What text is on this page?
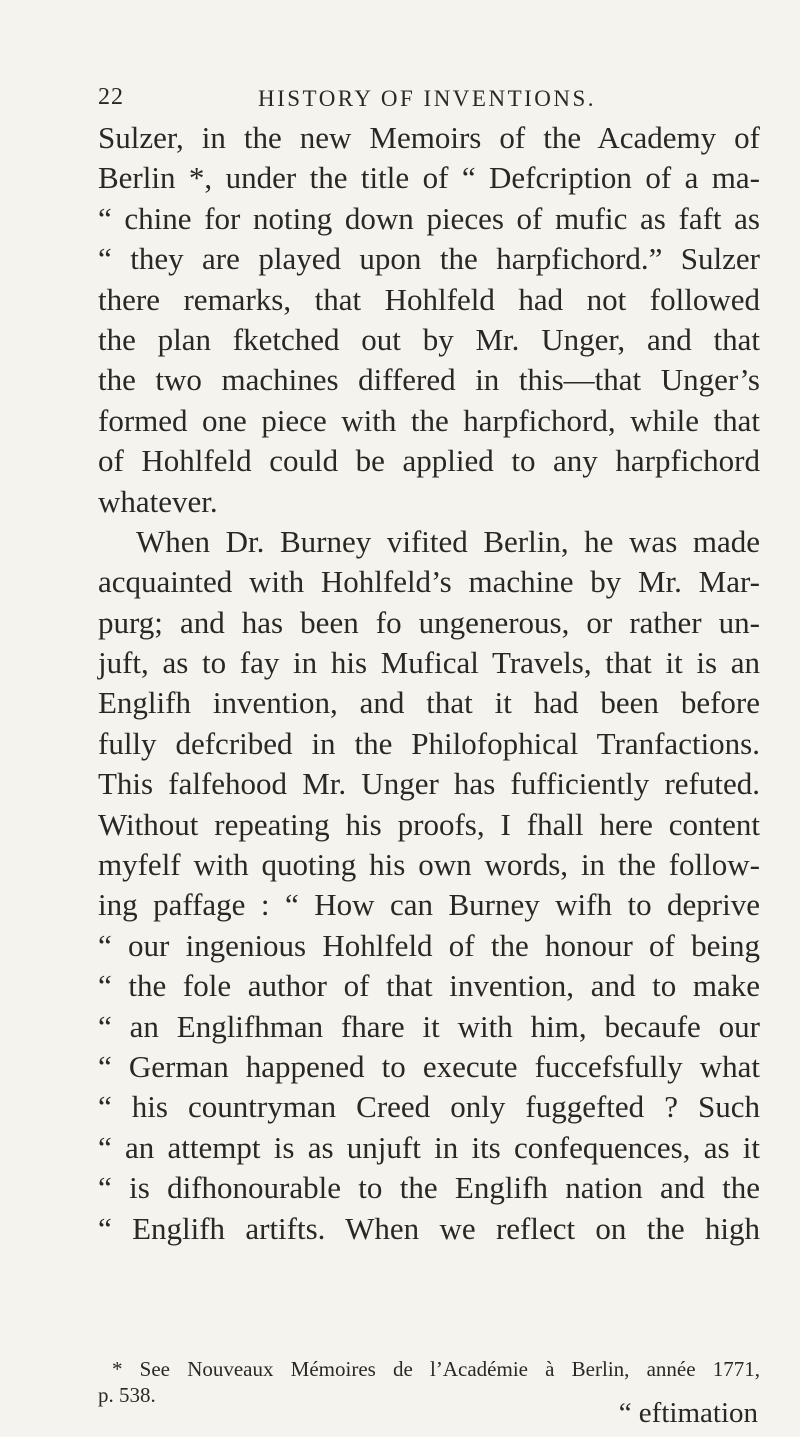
22	HISTORY OF INVENTIONS.
Sulzer, in the new Memoirs of the Academy of
Berlin *, under the title of “ Defcription of a ma-
“ chine for noting down pieces of mufic as faft as
“ they are played upon the harpfichord.” Sulzer
there remarks, that Hohlfeld had not followed
the plan fketched out by Mr. Unger, and that
the two machines differed in this—that Unger’s
formed one piece with the harpfichord, while that
of Hohlfeld could be applied to any harpfichord
whatever.
When Dr. Burney vifited Berlin, he was made
acquainted with Hohlfeld’s machine by Mr. Mar-
purg; and has been fo ungenerous, or rather un-
juft, as to fay in his Mufical Travels, that it is an
Englifh invention, and that it had been before
fully defcribed in the Philofophical Tranfactions.
This falfehood Mr. Unger has fufficiently refuted.
Without repeating his proofs, I fhall here content
myfelf with quoting his own words, in the follow-
ing paffage : “ How can Burney wifh to deprive
“ our ingenious Hohlfeld of the honour of being
“ the fole author of that invention, and to make
“ an Englifhman fhare it with him, becaufe our
“ German happened to execute fuccefsfully what
“ his countryman Creed only fuggefted ? Such
“ an attempt is as unjuft in its confequences, as it
“ is difhonourable to the Englifh nation and the
“ Englifh artifts. When we reflect on the high
* See Nouveaux Mémoires de l’Académie à Berlin, année 1771,
p. 538.
“ eftimation
